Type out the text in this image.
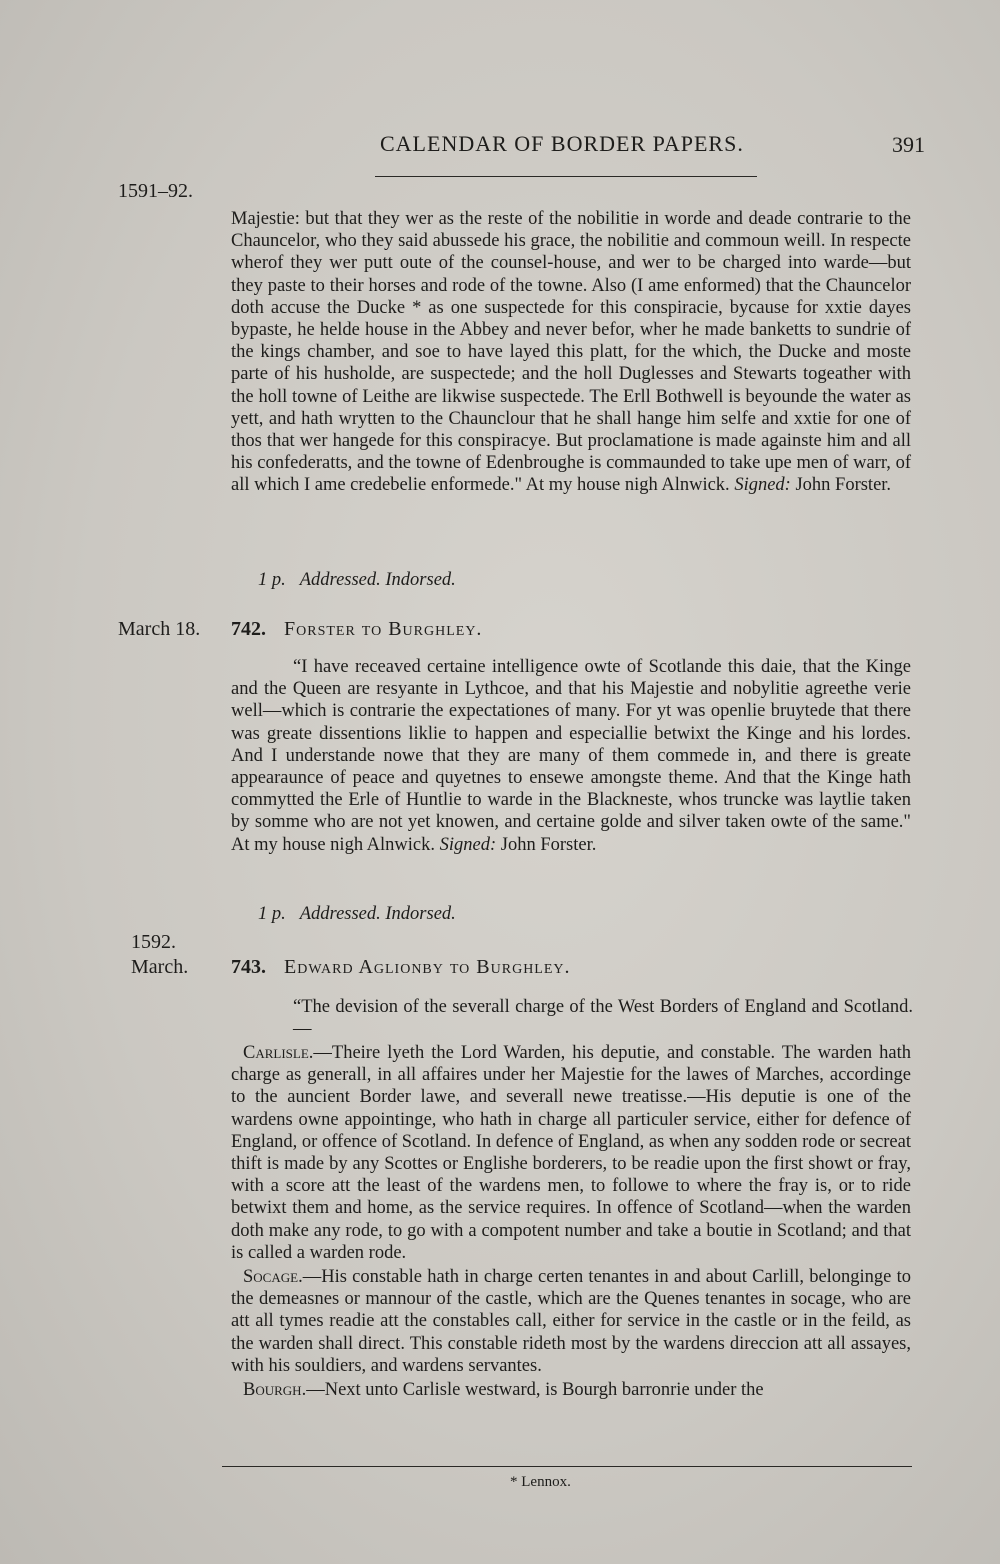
CALENDAR OF BORDER PAPERS.	391
1591–92.
March 18.
1592.
March.

Majestie: but that they wer as the reste of the nobilitie in worde and deade contrarie to the Chauncelor, who they said abussede his grace, the nobilitie and commoun weill. In respecte wherof they wer putt oute of the counsel-house, and wer to be charged into warde—but they paste to their horses and rode of the towne. Also (I ame enformed) that the Chauncelor doth accuse the Ducke * as one suspectede for this conspiracie, bycause for xxtie dayes bypaste, he helde house in the Abbey and never befor, wher he made banketts to sundrie of the kings chamber, and soe to have layed this platt, for the which, the Ducke and moste parte of his husholde, are suspectede; and the holl Duglesses and Stewarts togeather with the holl towne of Leithe are likwise suspectede. The Erll Bothwell is beyounde the water as yett, and hath wrytten to the Chaunclour that he shall hange him selfe and xxtie for one of thos that wer hangede for this conspiracye. But proclamatione is made againste him and all his confederatts, and the towne of Edenbroughe is commaunded to take upe men of warr, of all which I ame credebelie enformede." At my house nigh Alnwick. Signed: John Forster.

1 p. Addressed. Indorsed.
742. Forster to Burghley.

“I have receaved certaine intelligence owte of Scotlande this daie, that the Kinge and the Queen are resyante in Lythcoe, and that his Majestie and nobylitie agreethe verie well—which is contrarie the expectationes of many. For yt was openlie bruytede that there was greate dissentions liklie to happen and especiallie betwixt the Kinge and his lordes. And I understande nowe that they are many of them commede in, and there is greate appearaunce of peace and quyetnes to ensewe amongste theme. And that the Kinge hath commytted the Erle of Huntlie to warde in the Blackneste, whos truncke was laytlie taken by somme who are not yet knowen, and certaine golde and silver taken owte of the same." At my house nigh Alnwick. Signed: John Forster.

1 p. Addressed. Indorsed.
743. Edward Aglionby to Burghley.
“The devision of the severall charge of the West Borders of England and Scotland.—

Carlisle.—Theire lyeth the Lord Warden, his deputie, and constable. The warden hath charge as generall, in all affaires under her Majestie for the lawes of Marches, accordinge to the auncient Border lawe, and severall newe treatisse.—His deputie is one of the wardens owne appointinge, who hath in charge all particuler service, either for defence of England, or offence of Scotland. In defence of England, as when any sodden rode or secreat thift is made by any Scottes or Englishe borderers, to be readie upon the first showt or fray, with a score att the least of the wardens men, to followe to where the fray is, or to ride betwixt them and home, as the service requires. In offence of Scotland—when the warden doth make any rode, to go with a compotent number and take a boutie in Scotland; and that is called a warden rode.

Socage.—His constable hath in charge certen tenantes in and about Carlill, belonginge to the demeasnes or mannour of the castle, which are the Quenes tenantes in socage, who are att all tymes readie att the constables call, either for service in the castle or in the feild, as the warden shall direct. This constable rideth most by the wardens direccion att all assayes, with his souldiers, and wardens servantes.

Bourgh.—Next unto Carlisle westward, is Bourgh barronrie under the

* Lennox.
